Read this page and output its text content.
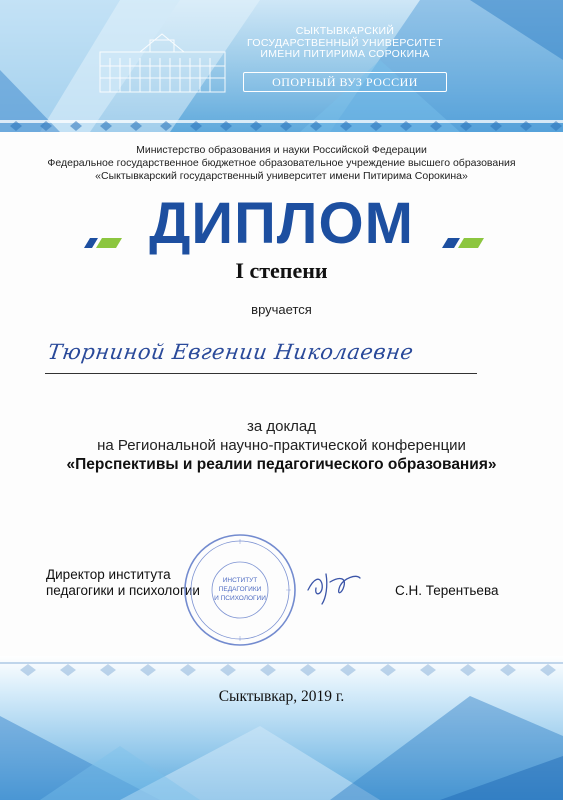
СЫКТЫВКАРСКИЙ
ГОСУДАРСТВЕННЫЙ УНИВЕРСИТЕТ
ИМЕНИ ПИТИРИМА СОРОКИНА
ОПОРНЫЙ ВУЗ РОССИИ
Министерство образования и науки Российской Федерации
Федеральное государственное бюджетное образовательное учреждение высшего образования
«Сыктывкарский государственный университет имени Питирима Сорокина»
ДИПЛОМ
I степени
вручается
Тюрниной Евгении Николаевне
за доклад
на Региональной научно-практической конференции
«Перспективы и реалии педагогического образования»
Директор института
педагогики и психологии
ИНСТИТУТ
ПЕДАГОГИКИ
И ПСИХОЛОГИИ
С.Н. Терентьева
Сыктывкар, 2019 г.
